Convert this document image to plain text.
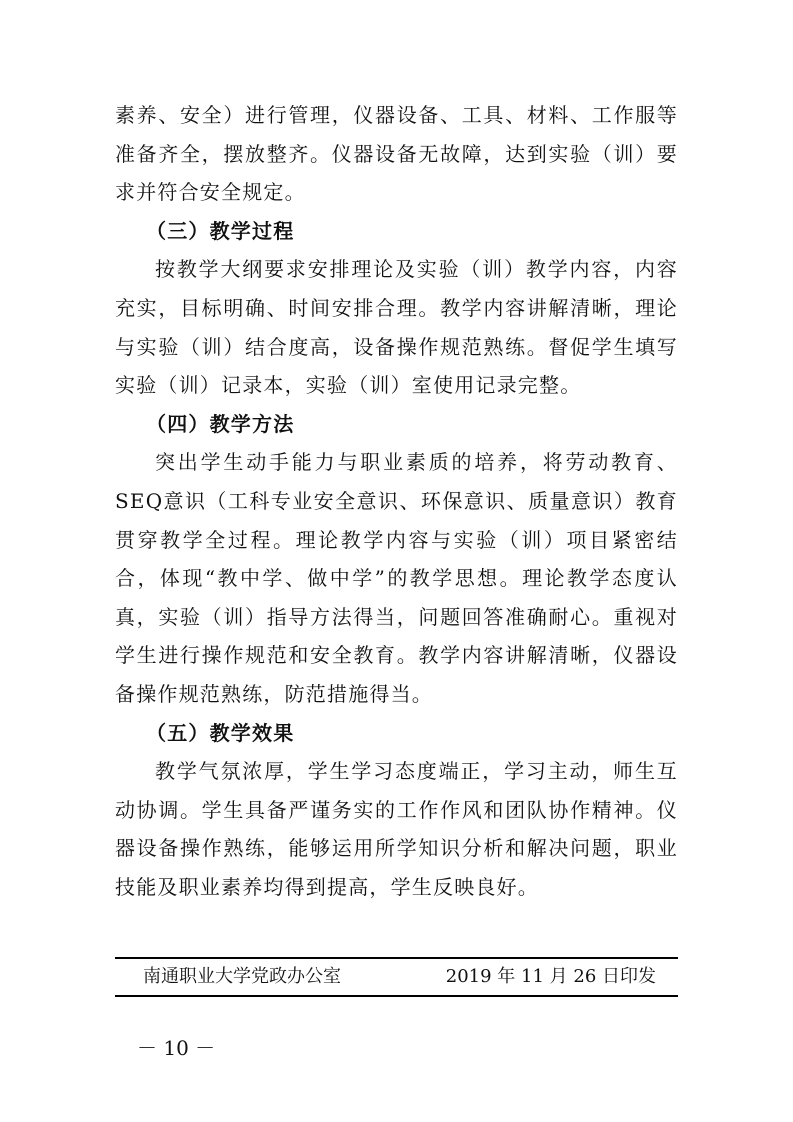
素养、安全）进行管理，仪器设备、工具、材料、工作服等准备齐全，摆放整齐。仪器设备无故障，达到实验（训）要求并符合安全规定。

（三）教学过程

按教学大纲要求安排理论及实验（训）教学内容，内容充实，目标明确、时间安排合理。教学内容讲解清晰，理论与实验（训）结合度高，设备操作规范熟练。督促学生填写实验（训）记录本，实验（训）室使用记录完整。

（四）教学方法

突出学生动手能力与职业素质的培养，将劳动教育、SEQ意识（工科专业安全意识、环保意识、质量意识）教育贯穿教学全过程。理论教学内容与实验（训）项目紧密结合，体现“教中学、做中学”的教学思想。理论教学态度认真，实验（训）指导方法得当，问题回答准确耐心。重视对学生进行操作规范和安全教育。教学内容讲解清晰，仪器设备操作规范熟练，防范措施得当。

（五）教学效果

教学气氛浓厚，学生学习态度端正，学习主动，师生互动协调。学生具备严谨务实的工作作风和团队协作精神。仪器设备操作熟练，能够运用所学知识分析和解决问题，职业技能及职业素养均得到提高，学生反映良好。

南通职业大学党政办公室	2019 年 11 月 26 日印发
－ 10 －
